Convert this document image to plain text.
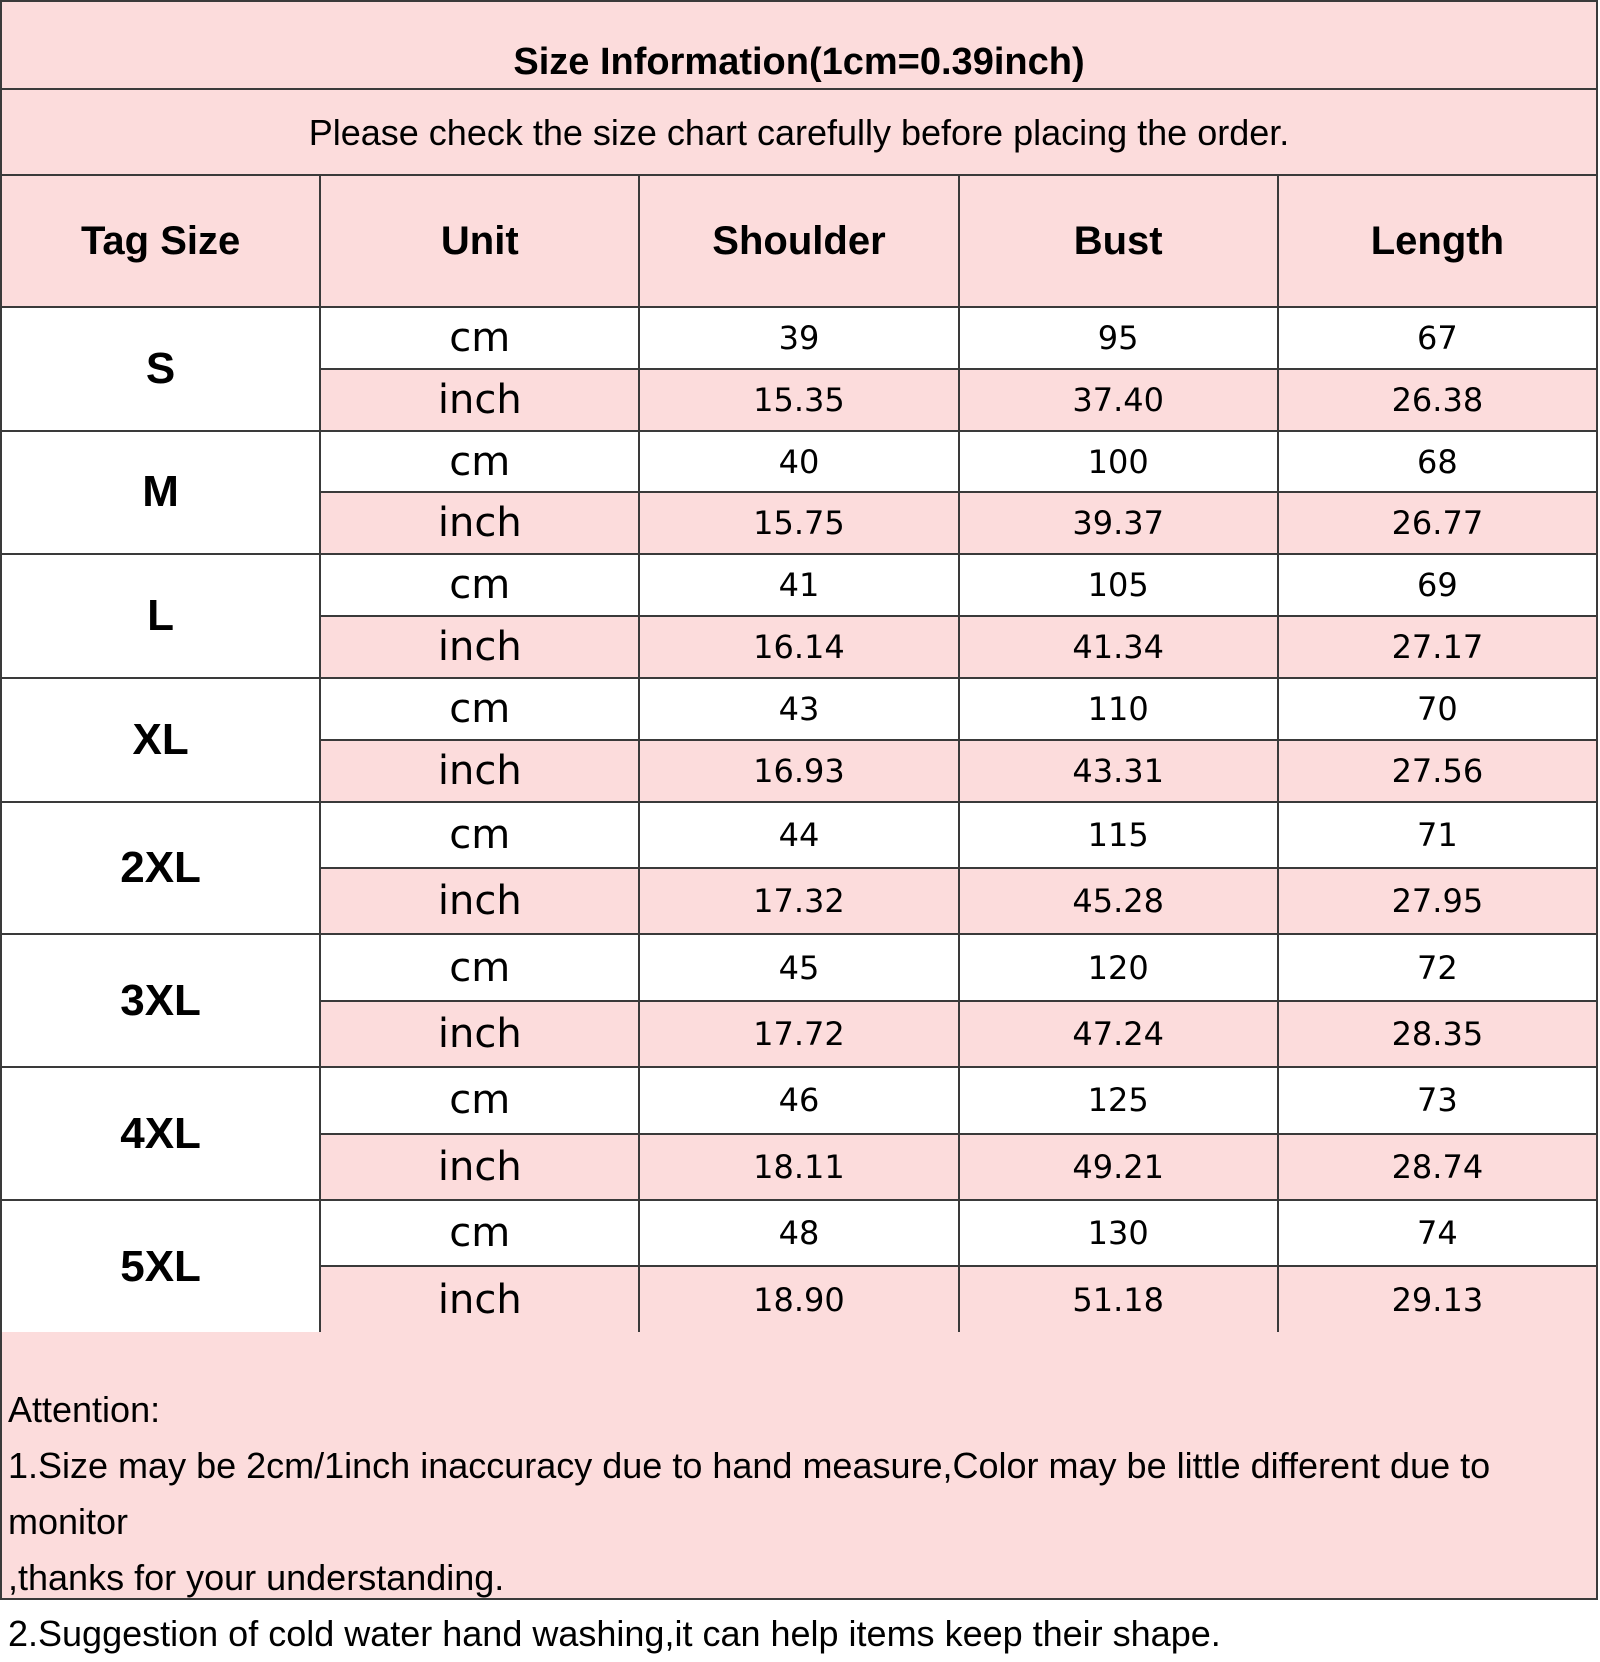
Size Information(1cm=0.39inch)
Please check the size chart carefully before placing the order.
Tag Size	Unit	Shoulder	Bust	Length
S	cm	39	95	67
	inch	15.35	37.40	26.38
M	cm	40	100	68
	inch	15.75	39.37	26.77
L	cm	41	105	69
	inch	16.14	41.34	27.17
XL	cm	43	110	70
	inch	16.93	43.31	27.56
2XL	cm	44	115	71
	inch	17.32	45.28	27.95
3XL	cm	45	120	72
	inch	17.72	47.24	28.35
4XL	cm	46	125	73
	inch	18.11	49.21	28.74
5XL	cm	48	130	74
	inch	18.90	51.18	29.13
Attention:
1.Size may be 2cm/1inch inaccuracy due to hand measure,Color may be little different due to monitor
,thanks for your understanding.
2.Suggestion of cold water hand washing,it can help items keep their shape.
